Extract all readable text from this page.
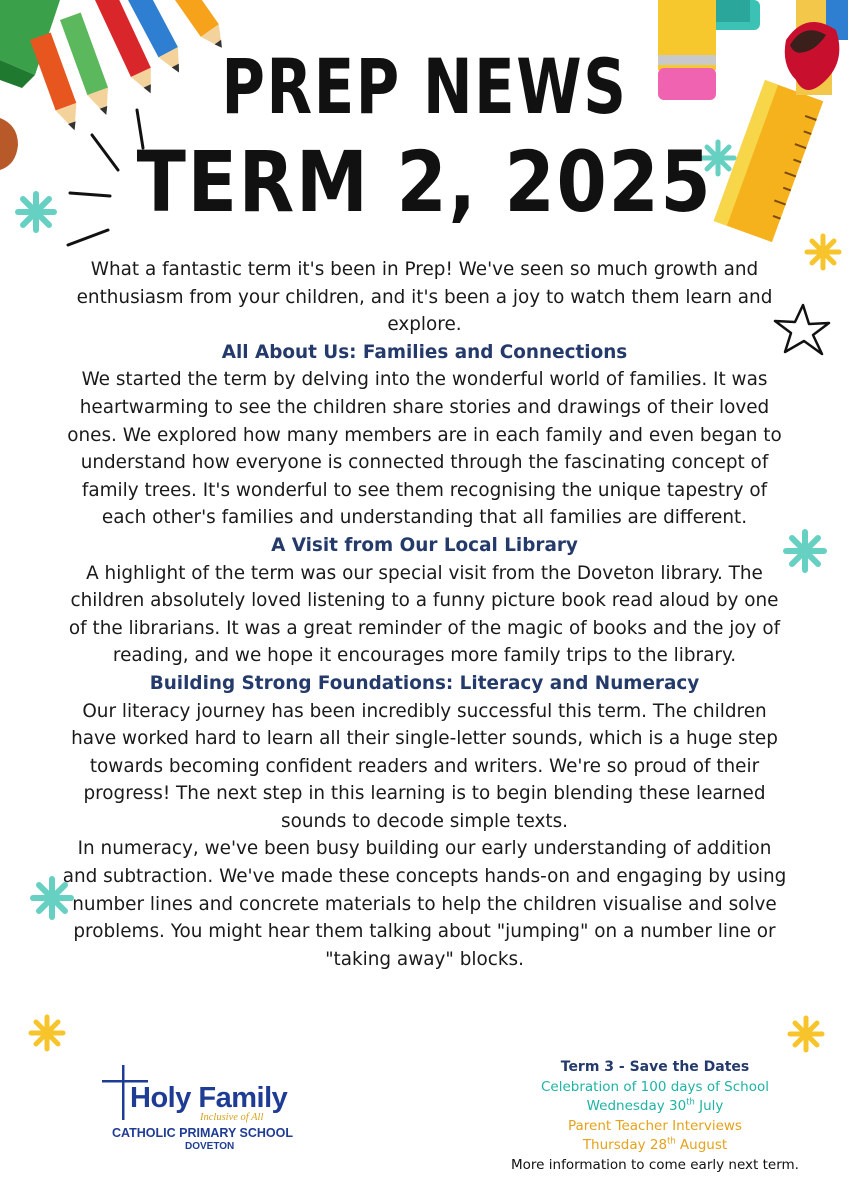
PREP NEWS
TERM 2, 2025

What a fantastic term it's been in Prep! We've seen so much growth and enthusiasm from your children, and it's been a joy to watch them learn and explore.

All About Us: Families and Connections

We started the term by delving into the wonderful world of families. It was heartwarming to see the children share stories and drawings of their loved ones. We explored how many members are in each family and even began to understand how everyone is connected through the fascinating concept of family trees. It's wonderful to see them recognising the unique tapestry of each other's families and understanding that all families are different.

A Visit from Our Local Library

A highlight of the term was our special visit from the Doveton library. The children absolutely loved listening to a funny picture book read aloud by one of the librarians. It was a great reminder of the magic of books and the joy of reading, and we hope it encourages more family trips to the library.

Building Strong Foundations: Literacy and Numeracy

Our literacy journey has been incredibly successful this term. The children have worked hard to learn all their single-letter sounds, which is a huge step towards becoming confident readers and writers. We're so proud of their progress! The next step in this learning is to begin blending these learned sounds to decode simple texts.

In numeracy, we've been busy building our early understanding of addition and subtraction. We've made these concepts hands-on and engaging by using number lines and concrete materials to help the children visualise and solve problems. You might hear them talking about "jumping" on a number line or "taking away" blocks.

Holy Family
Inclusive of All
CATHOLIC PRIMARY SCHOOL
DOVETON
Term 3 - Save the Dates
Celebration of 100 days of School
Wednesday 30th July
Parent Teacher Interviews
Thursday 28th August
More information to come early next term.
